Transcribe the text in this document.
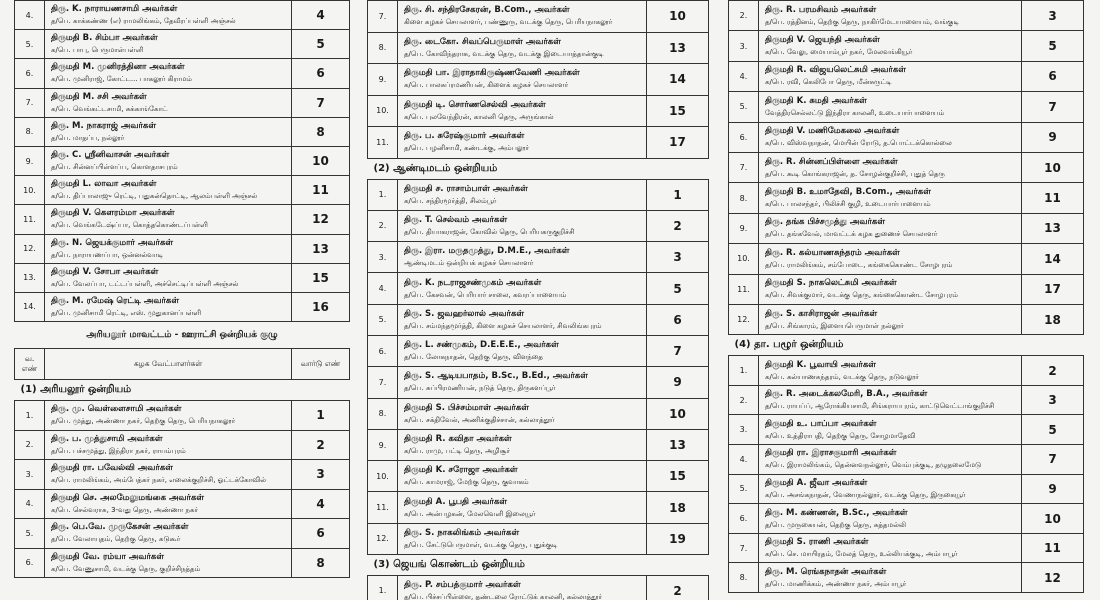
4.	திரு. K. நாராயணசாமி அவர்கள்
த/பெ. காக்கண்ண (எ) ராமலிங்கம், தேவீரப்பள்ளி அஞ்சல்	4
5.	திருமதி B. சிம்பா அவர்கள்
க/பெ. பாபு, பெருமாள்பள்ளி	5
6.	திருமதி M. முனிரத்தினா அவர்கள்
க/பெ. முனிராஜ், கோட்ட... பாகலூர் கிராமம்	6
7.	திருமதி M. சசி அவர்கள்
க/பெ. வெங்கட்டசாமி, சுக்காங்கோட்	7
8.	திரு. M. நாகராஜ் அவர்கள்
த/பெ. மாதப்ப, நல்லூர்	8
9.	திரு. C. ஸ்ரீனிவாசன் அவர்கள்
த/பெ. சின்னப்பிள்ளப்ப, கொளதாசபுரம்	10
10.	திருமதி L. லாவா அவர்கள்
க/பெ. திப்பாலாஜு ரெட்டி, பதுகன்தொட்டி, ஆலம்பள்ளி அஞ்சல்	11
11.	திருமதி V. கௌரம்மா அவர்கள்
க/பெ. வெங்கடேஷ்ப்பா, கொத்தகொண்டப்பள்ளி	12
12.	திரு. N. ஜெயக்குமார் அவர்கள்
த/பெ. நாராயணப்பா, ஒன்னல்வாடி	13
13.	திருமதி V. சோபா அவர்கள்
க/பெ. வேலப்பா, டட்டப்பள்ளி, அச்செட்டிப்பள்ளி அஞ்சல்	15
14.	திரு. M. ரமேஷ் ரெட்டி அவர்கள்
த/பெ. முனிசாமி ரெட்டி, எஸ். முதுகானப்பள்ளி	16
அரியலூர் மாவட்டம் - ஊராட்சி ஒன்றியக் குழு
வ. எண்	கழக வேட்பாளர்கள்	வார்டு எண்
(1) அரியலூர் ஒன்றியம்		
1.	திரு. மு. வெள்ளைசாமி அவர்கள்
த/பெ. முத்து, அண்ணா நகர், தெற்கு தெரு, பெரியநாகலூர்	1
2.	திரு. ப. முத்துசாமி அவர்கள்
த/பெ. பச்சமுத்து, இந்திரா நகர், ராயம்புரம்	2
3.	திருமதி ரா. பவேல்வி அவர்கள்
க/பெ. ராமலிங்கம், அம்பேத்கர் நகர், எலைக்குறிச்சி, ஓட்டக்கோவில்	3
4.	திருமதி செ. அலமேலுமங்கை அவர்கள்
க/பெ. செல்வராசு, 3-வது தெரு, அண்ணா நகர்	4
5.	திரு. பெ.வே. முருகேசன் அவர்கள்
த/பெ. வேலாயுதம், தெற்கு தெரு, கடுகூர்	6
6.	திருமதி வே. ரம்யா அவர்கள்
க/பெ. வேணுசாமி, வடக்கு தெரு, குறிச்சிநத்தம்	8
7.	திரு. சி. சந்திரசேகரன், B.Com., அவர்கள்
கிளை கழகச் செயலாளர், பண்ணுரு, வடக்கு தெரு, பெரியநாகலூர்	10
8.	திரு. டைகோ. சிவப்பெருமாள் அவர்கள்
த/பெ. கோவிந்தராசு, வடக்கு தெரு, வடக்கு இடையாத்தான்குடி	13
9.	திருமதி பா. இராதாகிருஷ்ணவேணி அவர்கள்
க/பெ. பாலசுப்ரமணியன், கிளைக் கழகச் செயலாளர்	14
10.	திருமதி டி. சொர்ணசெல்வி அவர்கள்
க/பெ. புலவேந்திரன், காலனி தெரு, அருங்கால்	15
11.	திரு. ப. சுரேஷ்குமார் அவர்கள்
த/பெ. பழனிசாமி, கண்டக்கு, அம்பலூர்	17
(2) ஆண்டிமடம் ஒன்றியம்		
1.	திருமதி ச. ராசாம்பாள் அவர்கள்
க/பெ. சந்திரமூர்த்தி, சிலம்பூர்	1
2.	திரு. T. செல்வம் அவர்கள்
த/பெ. தியாகராஜன், கோவில் தெரு, பெரியகருகுறிச்சி	2
3.	திரு. இரா. மருதமுத்து, D.M.E., அவர்கள்
ஆண்டிமடம் ஒன்றியக் கழகச் செயலாளர்	3
4.	திரு. K. நடராஜசண்முகம் அவர்கள்
த/பெ. கேசவன், பெரியார் சாலை, கவரப்பாளையம்	5
5.	திரு. S. ஜவஹர்லால் அவர்கள்
த/பெ. சம்மந்தமூர்த்தி, கிளை கழகச் செயலாளர், சிவலிங்கபுரம்	6
6.	திரு. L. சண்முகம், D.E.E.E., அவர்கள்
த/பெ. லோகநாதன், தெற்கு தெரு, விளந்தை	7
7.	திரு. S. ஆடியபாதம், B.Sc., B.Ed., அவர்கள்
த/பெ. சுப்பிரமணியன், நடுத் தெரு, திருகளப்பூர்	9
8.	திருமதி S. பிச்சம்மாள் அவர்கள்
க/பெ. சக்திவேல், அணிக்குதிச்சான், கல்லாத்தூர்	10
9.	திருமதி R. கவிதா அவர்கள்
க/பெ. ராமு, பட்டி தெரு, அழிசூர்	13
10.	திருமதி K. சரோஜா அவர்கள்
க/பெ. காமராஜ், மேற்கு தெரு, குவாகம்	15
11.	திருமதி A. பூபதி அவர்கள்
க/பெ. அன்பழகன், மேலவெளி இலையூர்	18
12.	திரு. S. நாகலிங்கம் அவர்கள்
த/பெ. சேட்டுபெருமாள், வடக்கு தெரு, புதுக்குடி	19
(3) ஜெயங் கொண்டம் ஒன்றியம்		
1.	திரு. P. சம்பத்குமார் அவர்கள்
த/பெ. பிச்சப்பிள்ளை, தண்டலை ரோட்டுக் காலனி, கல்லாத்தூர்	2
2.	திரு. R. பரமசிவம் அவர்கள்
த/பெ. ரத்தினம், தெற்கு தெரு, நாகிர்மேடயாளையம், வங்குடி	3
3.	திருமதி V. ஜெயந்தி அவர்கள்
க/பெ. வேலு, மையாம்பூர் நகர், மேலவங்கியூர்	5
4.	திருமதி R. விஜயலெட்சுமி அவர்கள்
க/பெ. ரவி, கெலிபோ தெரு, மீன்சுருட்டி	6
5.	திருமதி K. சுமதி அவர்கள்
வேத்திரசெல்லட்டு இந்திரா காலனி, உடையார்பாளையம்	7
6.	திருமதி V. மணிமேகலை அவர்கள்
க/பெ. விஸ்வநாதன், மெயின் ரோடு, த.பொட்டக்கொல்லை	9
7.	திரு. R. சின்னப்பிள்ளை அவர்கள்
த/பெ. கூடி கொங்கராஜன், த. சோழன்குறிச்சி, புதுத் தெரு	10
8.	திருமதி B. உமாதேவி, B.Com., அவர்கள்
க/பெ. பாலசந்தர், பிலிச்சி குழி, உடையார்பாளையம்	11
9.	திரு. தங்க பிச்சமுத்து அவர்கள்
த/பெ. தங்கவேல், மாவட்டக் கழக துணைச் செயலாளர்	13
10.	திரு. R. கல்யாணசுந்தரம் அவர்கள்
த/பெ. ராமலிங்கம், சம்போடை, கங்கைகொண்ட சோழபுரம்	14
11.	திருமதி S. நாகலெட்சுமி அவர்கள்
க/பெ. சிவக்குமார், வடக்கு தெரு, கங்கைகொண்ட சோழபுரம்	17
12.	திரு. S. காசிராஜன் அவர்கள்
த/பெ. சிங்காரம், இளையபெருமாள் நல்லூர்	18
(4) தா. பழூர் ஒன்றியம்		
1.	திருமதி K. பூவாயி அவர்கள்
க/பெ. கல்யாணசுந்தரம், வடக்கு தெரு, நடுவலூர்	2
2.	திரு. R. அடைக்கலமேரி, B.A., அவர்கள்
த/பெ. ராயப்ப், ஆரோக்கியசாமி, சிங்கராயபுரம், காட்டுவெட்டாங்குறிச்சி	3
3.	திருமதி உ. பாப்பா அவர்கள்
க/பெ. உத்திராபதி, தெற்கு தெரு, சோழமாதேவி	5
4.	திருமதி ரா. இராசகுமாரி அவர்கள்
க/பெ. இராமலிங்கம், தென்னவநல்லூர், வெம்புக்குடி, தழுதலைமேடு	7
5.	திருமதி A. ஜீவா அவர்கள்
க/பெ. அசங்கநாதன், வேணாநல்லூர், வடக்கு தெரு, இருகையூர்	9
6.	திரு. M. கண்ணன், B.Sc., அவர்கள்
த/பெ. முருகையன், தெற்கு தெரு, சுத்தமல்லி	10
7.	திருமதி S. ராணி அவர்கள்
க/பெ. செ. மாயிரதம், மேலத் தெரு, உல்லியக்குடி, அம்பாபூர்	11
8.	திரு. M. ரெங்கநாதன் அவர்கள்
த/பெ. மாணிக்கம், அண்ணா நகர், அம்பாபூர்	12
